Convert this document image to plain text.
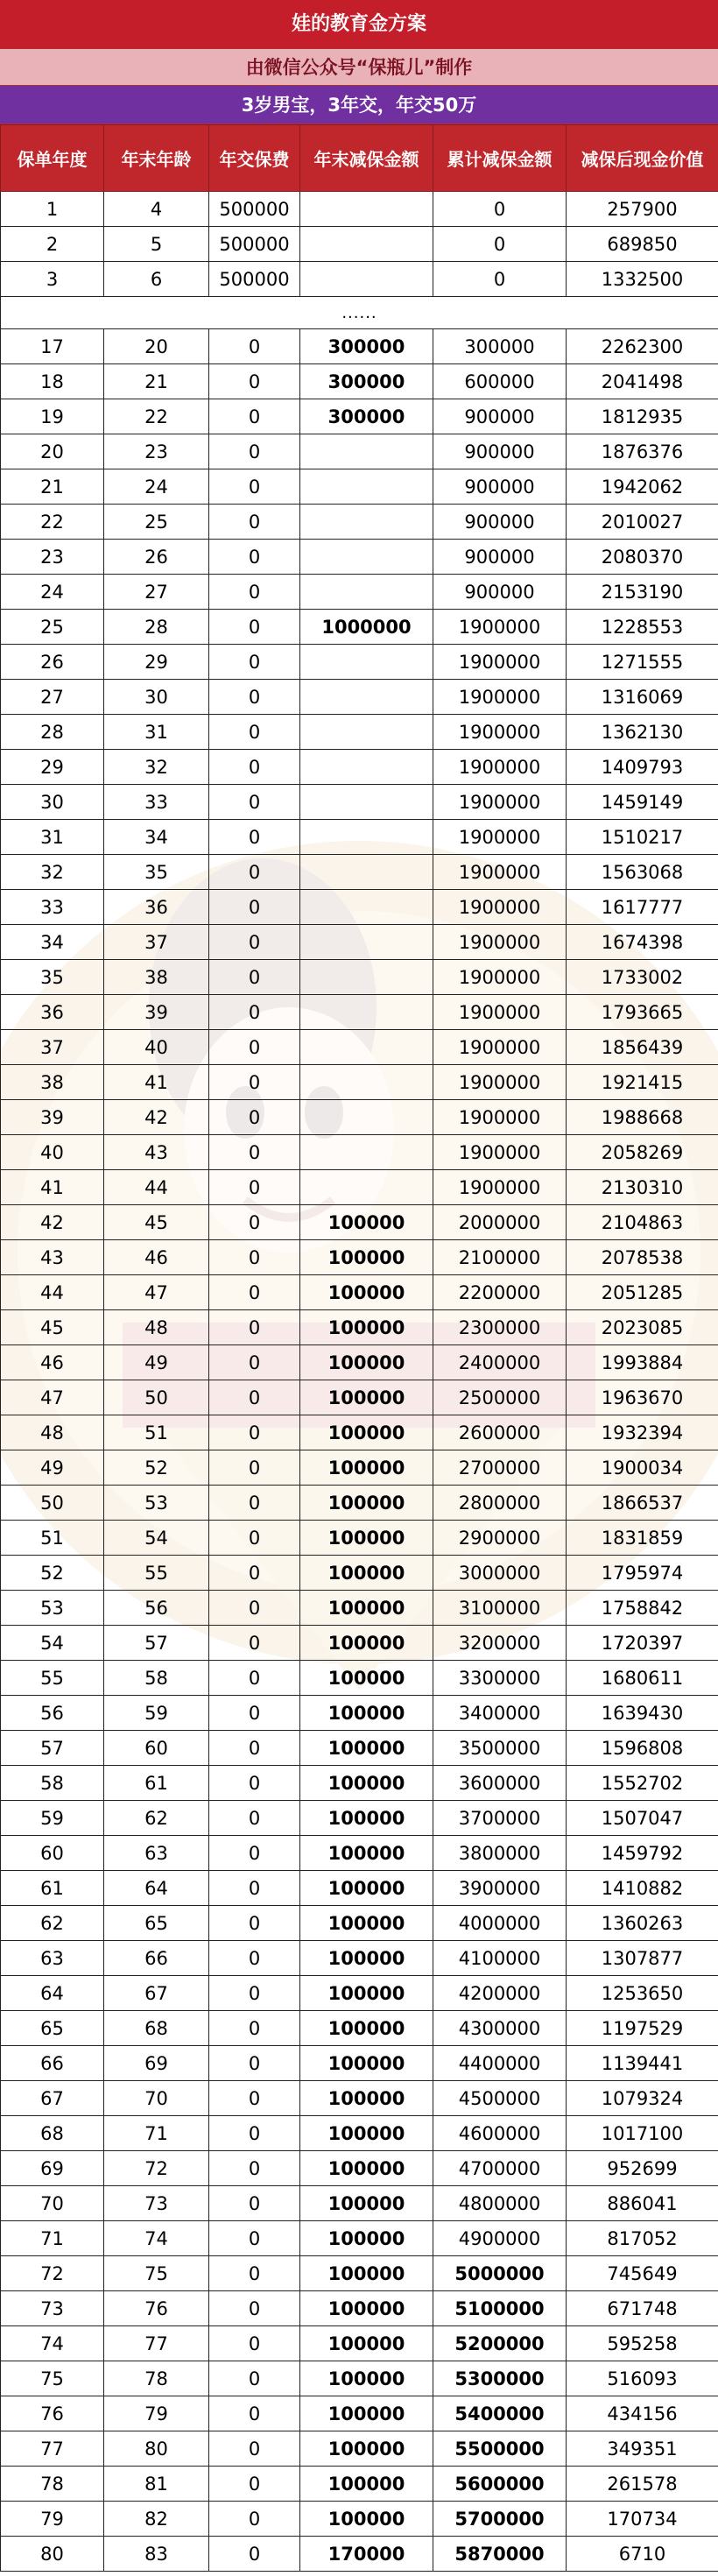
娃的教育金方案
由微信公众号“保瓶儿”制作
3岁男宝，3年交，年交50万
保单年度	年末年龄	年交保费	年末减保金额	累计减保金额	减保后现金价值
1	4	500000		0	257900
2	5	500000		0	689850
3	6	500000		0	1332500
......					
17	20	0	300000	300000	2262300
18	21	0	300000	600000	2041498
19	22	0	300000	900000	1812935
20	23	0		900000	1876376
21	24	0		900000	1942062
22	25	0		900000	2010027
23	26	0		900000	2080370
24	27	0		900000	2153190
25	28	0	1000000	1900000	1228553
26	29	0		1900000	1271555
27	30	0		1900000	1316069
28	31	0		1900000	1362130
29	32	0		1900000	1409793
30	33	0		1900000	1459149
31	34	0		1900000	1510217
32	35	0		1900000	1563068
33	36	0		1900000	1617777
34	37	0		1900000	1674398
35	38	0		1900000	1733002
36	39	0		1900000	1793665
37	40	0		1900000	1856439
38	41	0		1900000	1921415
39	42	0		1900000	1988668
40	43	0		1900000	2058269
41	44	0		1900000	2130310
42	45	0	100000	2000000	2104863
43	46	0	100000	2100000	2078538
44	47	0	100000	2200000	2051285
45	48	0	100000	2300000	2023085
46	49	0	100000	2400000	1993884
47	50	0	100000	2500000	1963670
48	51	0	100000	2600000	1932394
49	52	0	100000	2700000	1900034
50	53	0	100000	2800000	1866537
51	54	0	100000	2900000	1831859
52	55	0	100000	3000000	1795974
53	56	0	100000	3100000	1758842
54	57	0	100000	3200000	1720397
55	58	0	100000	3300000	1680611
56	59	0	100000	3400000	1639430
57	60	0	100000	3500000	1596808
58	61	0	100000	3600000	1552702
59	62	0	100000	3700000	1507047
60	63	0	100000	3800000	1459792
61	64	0	100000	3900000	1410882
62	65	0	100000	4000000	1360263
63	66	0	100000	4100000	1307877
64	67	0	100000	4200000	1253650
65	68	0	100000	4300000	1197529
66	69	0	100000	4400000	1139441
67	70	0	100000	4500000	1079324
68	71	0	100000	4600000	1017100
69	72	0	100000	4700000	952699
70	73	0	100000	4800000	886041
71	74	0	100000	4900000	817052
72	75	0	100000	5000000	745649
73	76	0	100000	5100000	671748
74	77	0	100000	5200000	595258
75	78	0	100000	5300000	516093
76	79	0	100000	5400000	434156
77	80	0	100000	5500000	349351
78	81	0	100000	5600000	261578
79	82	0	100000	5700000	170734
80	83	0	170000	5870000	6710
